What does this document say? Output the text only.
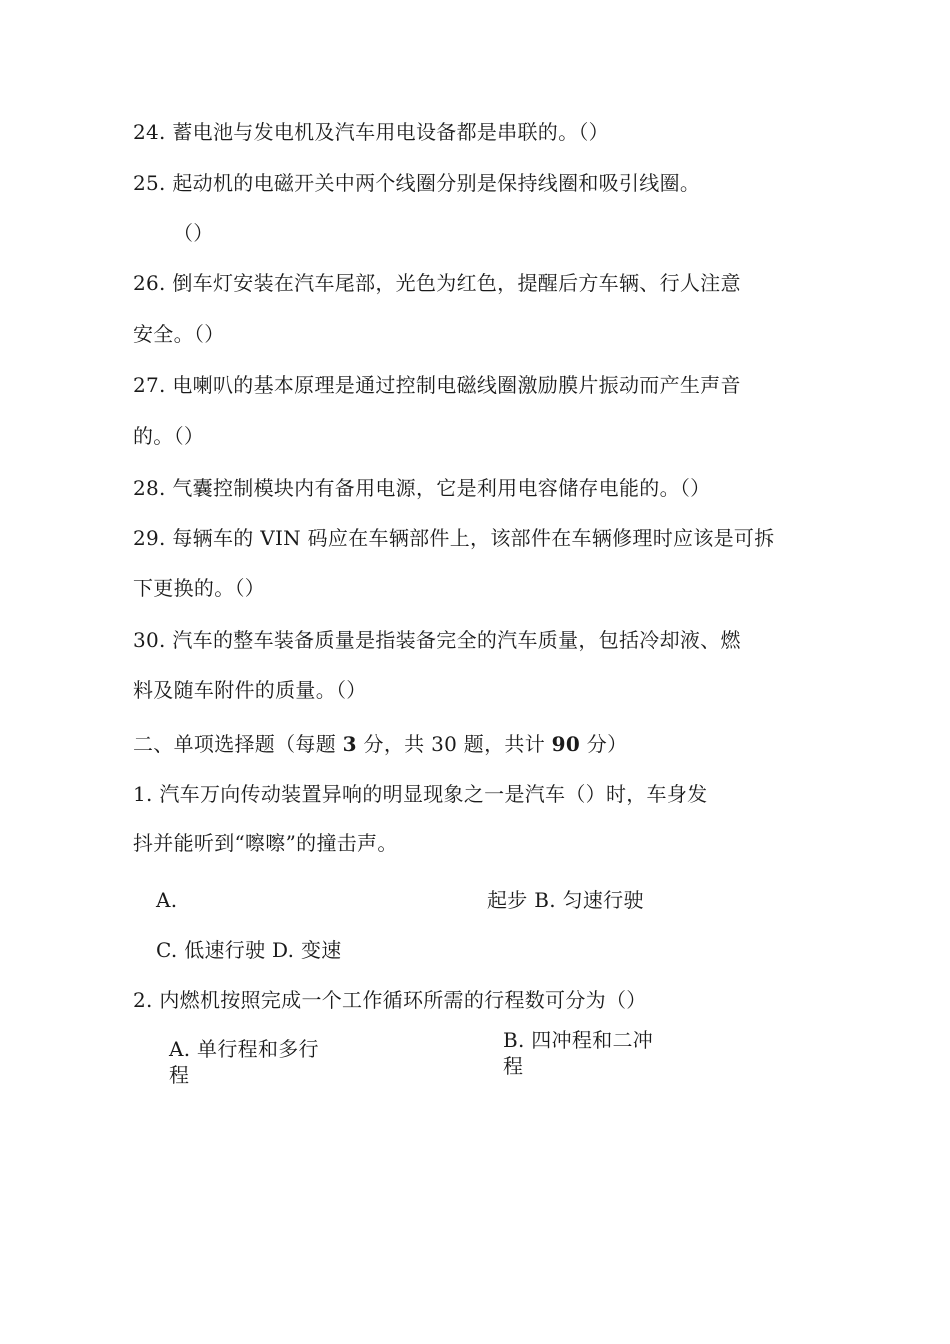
24. 蓄电池与发电机及汽车用电设备都是串联的。（）
25. 起动机的电磁开关中两个线圈分别是保持线圈和吸引线圈。
（）
26. 倒车灯安装在汽车尾部，光色为红色，提醒后方车辆、行人注意
安全。（）
27. 电喇叭的基本原理是通过控制电磁线圈激励膜片振动而产生声音
的。（）
28. 气囊控制模块内有备用电源，它是利用电容储存电能的。（）
29. 每辆车的 VIN 码应在车辆部件上，该部件在车辆修理时应该是可拆
下更换的。（）
30. 汽车的整车装备质量是指装备完全的汽车质量，包括冷却液、燃
料及随车附件的质量。（）
二、单项选择题（每题 3 分，共 30 题，共计 90 分）
1. 汽车万向传动装置异响的明显现象之一是汽车（）时，车身发
抖并能听到“嚓嚓”的撞击声。
A.	起步 B. 匀速行驶
C. 低速行驶 D. 变速
2. 内燃机按照完成一个工作循环所需的行程数可分为（）
A. 单行程和多行
程
B. 四冲程和二冲
程
